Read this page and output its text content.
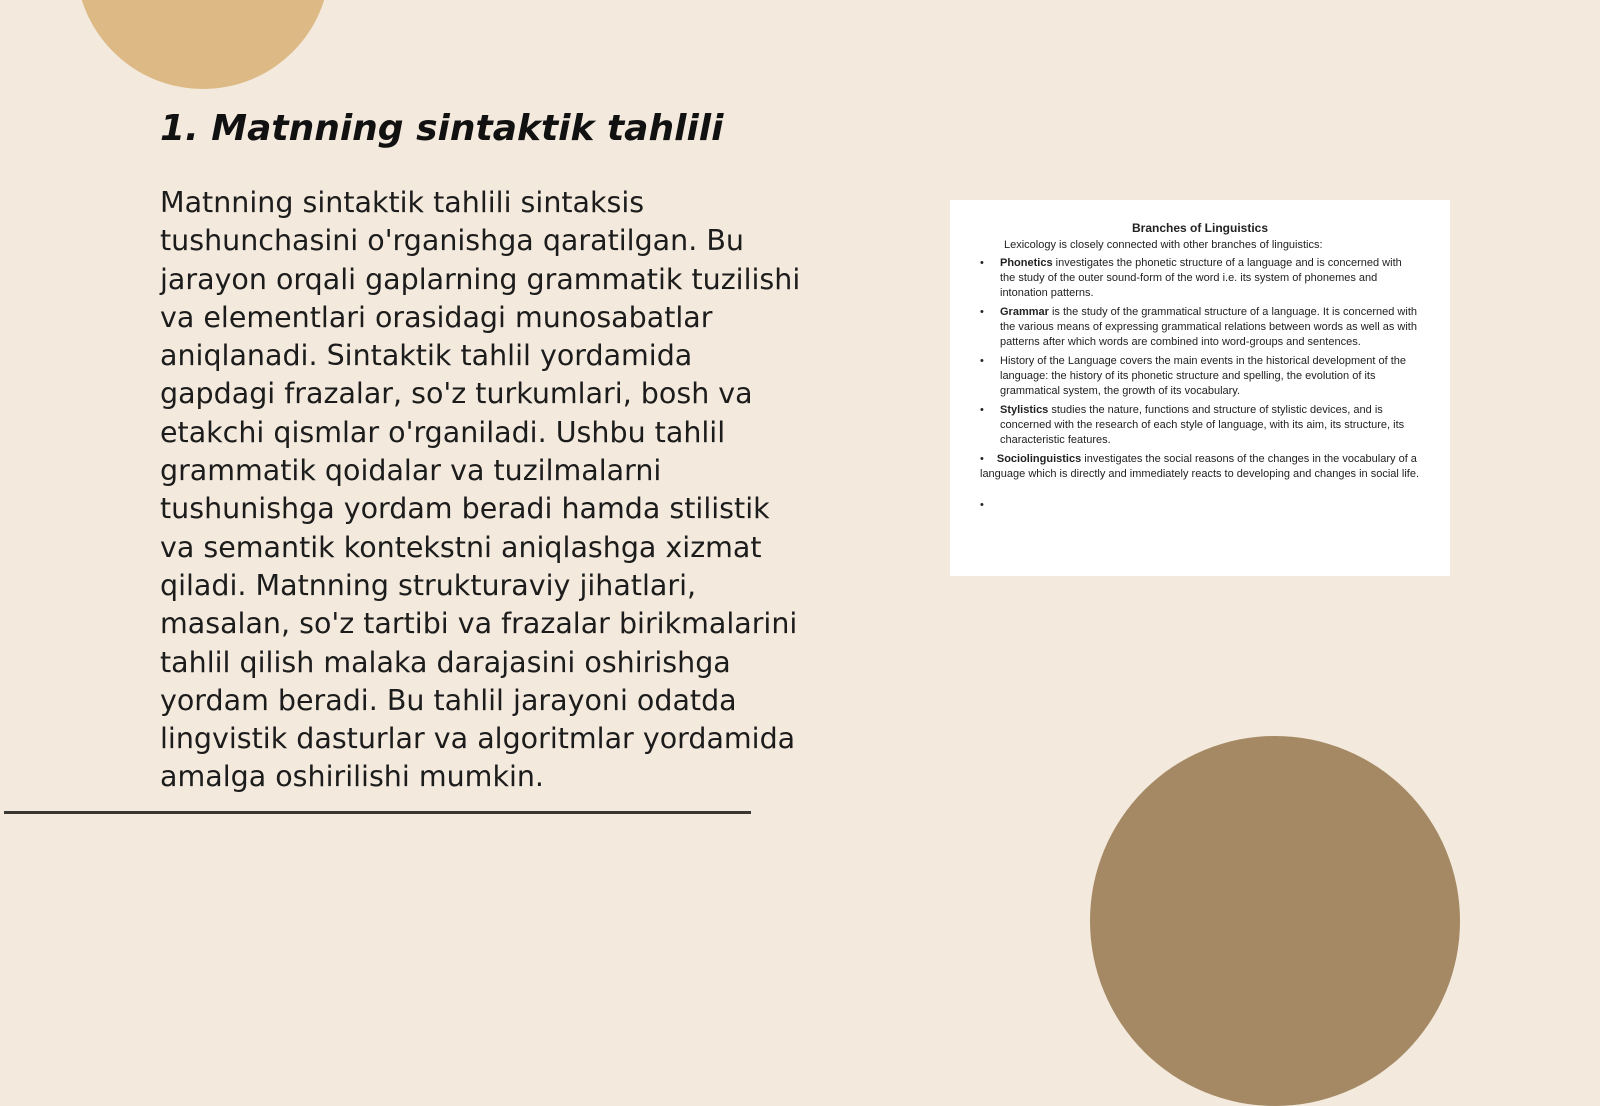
1. Matnning sintaktik tahlili

Matnning sintaktik tahlili sintaksis
tushunchasini o'rganishga qaratilgan. Bu
jarayon orqali gaplarning grammatik tuzilishi
va elementlari orasidagi munosabatlar
aniqlanadi. Sintaktik tahlil yordamida
gapdagi frazalar, so'z turkumlari, bosh va
etakchi qismlar o'rganiladi. Ushbu tahlil
grammatik qoidalar va tuzilmalarni
tushunishga yordam beradi hamda stilistik
va semantik kontekstni aniqlashga xizmat
qiladi. Matnning strukturaviy jihatlari,
masalan, so'z tartibi va frazalar birikmalarini
tahlil qilish malaka darajasini oshirishga
yordam beradi. Bu tahlil jarayoni odatda
lingvistik dasturlar va algoritmlar yordamida
amalga oshirilishi mumkin.

Branches of Linguistics
Lexicology is closely connected with other branches of linguistics:
• Phonetics investigates the phonetic structure of a language and is concerned with the study of the outer sound-form of the word i.e. its system of phonemes and intonation patterns.
• Grammar is the study of the grammatical structure of a language. It is concerned with the various means of expressing grammatical relations between words as well as with patterns after which words are combined into word-groups and sentences.
• History of the Language covers the main events in the historical development of the language: the history of its phonetic structure and spelling, the evolution of its grammatical system, the growth of its vocabulary.
• Stylistics studies the nature, functions and structure of stylistic devices, and is concerned with the research of each style of language, with its aim, its structure, its characteristic features.
• Sociolinguistics investigates the social reasons of the changes in the vocabulary of a language which is directly and immediately reacts to developing and changes in social life.
•
